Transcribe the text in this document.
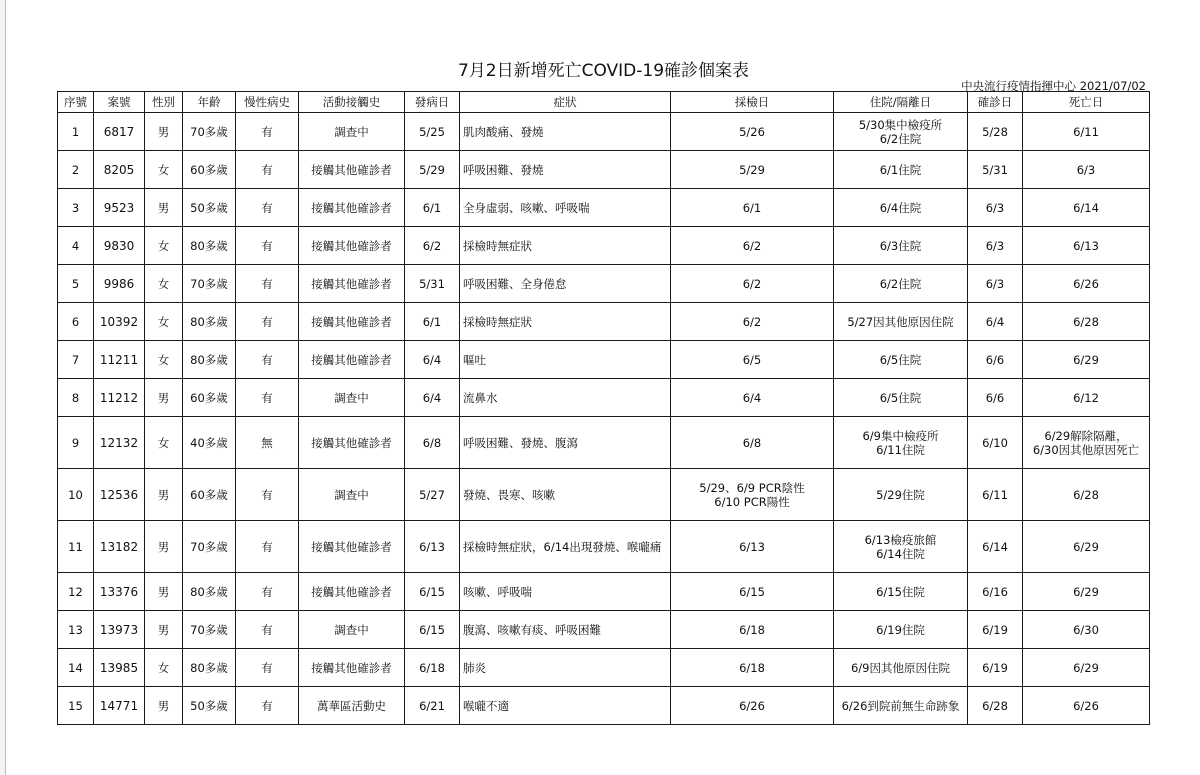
7月2日新增死亡COVID-19確診個案表
中央流行疫情指揮中心 2021/07/02
序號	案號	性別	年齡	慢性病史	活動接觸史	發病日	症狀	採檢日	住院/隔離日	確診日	死亡日

1	6817	男	70多歲	有	調查中	5/25	肌肉酸痛、發燒	5/26	5/30集中檢疫所
6/2住院	5/28	6/11

2	8205	女	60多歲	有	接觸其他確診者	5/29	呼吸困難、發燒	5/29	6/1住院	5/31	6/3

3	9523	男	50多歲	有	接觸其他確診者	6/1	全身虛弱、咳嗽、呼吸喘	6/1	6/4住院	6/3	6/14

4	9830	女	80多歲	有	接觸其他確診者	6/2	採檢時無症狀	6/2	6/3住院	6/3	6/13

5	9986	女	70多歲	有	接觸其他確診者	5/31	呼吸困難、全身倦怠	6/2	6/2住院	6/3	6/26

6	10392	女	80多歲	有	接觸其他確診者	6/1	採檢時無症狀	6/2	5/27因其他原因住院	6/4	6/28

7	11211	女	80多歲	有	接觸其他確診者	6/4	嘔吐	6/5	6/5住院	6/6	6/29

8	11212	男	60多歲	有	調查中	6/4	流鼻水	6/4	6/5住院	6/6	6/12

9	12132	女	40多歲	無	接觸其他確診者	6/8	呼吸困難、發燒、腹瀉	6/8	6/9集中檢疫所
6/11住院	6/10	6/29解除隔離，
6/30因其他原因死亡

10	12536	男	60多歲	有	調查中	5/27	發燒、畏寒、咳嗽	5/29、6/9 PCR陰性
6/10 PCR陽性	5/29住院	6/11	6/28

11	13182	男	70多歲	有	接觸其他確診者	6/13	採檢時無症狀，6/14出現發燒、喉嚨痛	6/13	6/13檢疫旅館
6/14住院	6/14	6/29

12	13376	男	80多歲	有	接觸其他確診者	6/15	咳嗽、呼吸喘	6/15	6/15住院	6/16	6/29

13	13973	男	70多歲	有	調查中	6/15	腹瀉、咳嗽有痰、呼吸困難	6/18	6/19住院	6/19	6/30

14	13985	女	80多歲	有	接觸其他確診者	6/18	肺炎	6/18	6/9因其他原因住院	6/19	6/29

15	14771	男	50多歲	有	萬華區活動史	6/21	喉嚨不適	6/26	6/26到院前無生命跡象	6/28	6/26
